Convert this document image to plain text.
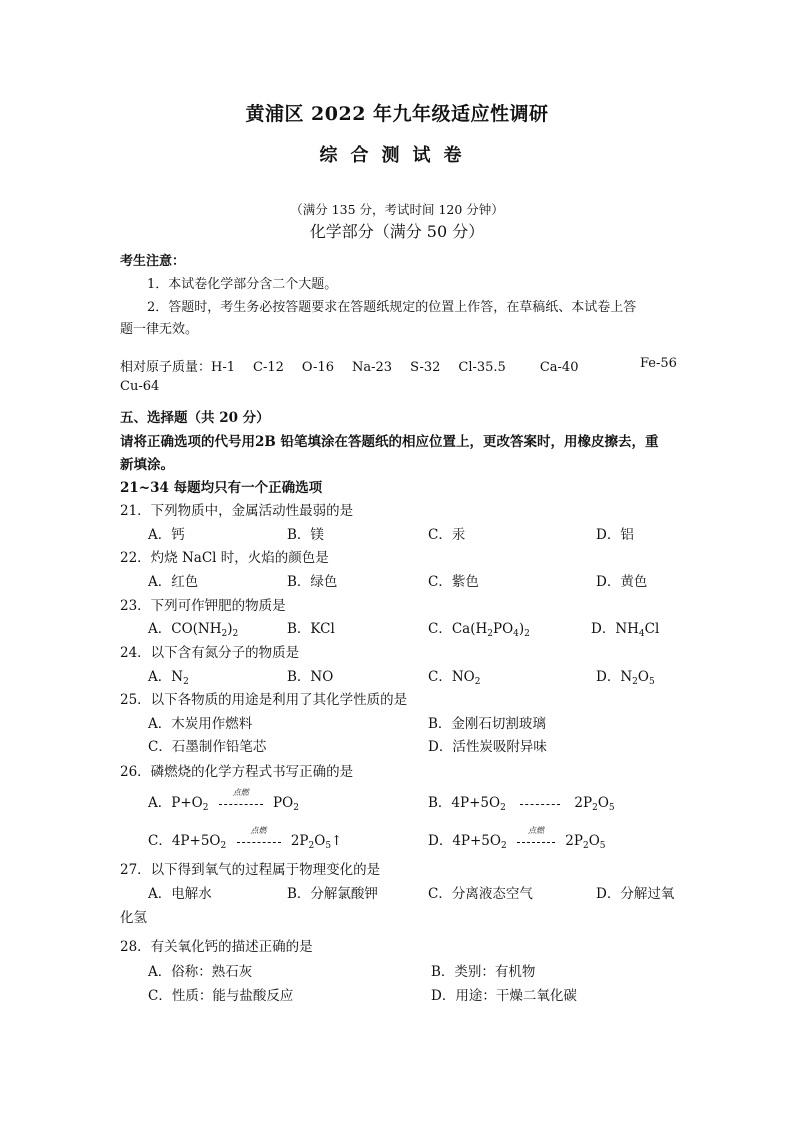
黄浦区 2022 年九年级适应性调研
综合测试卷
（满分 135 分，考试时间 120 分钟）
化学部分（满分 50 分）
考生注意：
1．本试卷化学部分含二个大题。
2．答题时，考生务必按答题要求在答题纸规定的位置上作答，在草稿纸、本试卷上答
题一律无效。
相对原子质量：H-1 C-12 O-16 Na-23 S-32 Cl-35.5	Ca-40	Fe-56
Cu-64
五、选择题（共 20 分）
请将正确选项的代号用2B 铅笔填涂在答题纸的相应位置上，更改答案时，用橡皮擦去，重
新填涂。
21~34 每题均只有一个正确选项
21．下列物质中，金属活动性最弱的是
A．钙	B．镁	C．汞	D．铝
22．灼烧 NaCl 时，火焰的颜色是
A．红色	B．绿色	C．紫色	D．黄色
23．下列可作钾肥的物质是
A．$CO(NH_2)_2$	B．KCl	C．$Ca(H_2PO_4)_2$	D．$NH_4Cl$
24．以下含有氮分子的物质是
A．$N_2$	B．NO	C．$NO_2$	D．$N_2O_5$
25．以下各物质的用途是利用了其化学性质的是
A．木炭用作燃料	B．金刚石切割玻璃
C．石墨制作铅笔芯	D．活性炭吸附异味
26．磷燃烧的化学方程式书写正确的是
A．$P+O_2$
点燃
$PO_2$	B．$4P+5O_2$	$2P_2O_5$
C．$4P+5O_2$
点燃
$2P_2O_5↑$	D．$4P+5O_2$
点燃
$2P_2O_5$
27．以下得到氧气的过程属于物理变化的是
A．电解水	B．分解氯酸钾	C．分离液态空气	D．分解过氧
化氢
28．有关氧化钙的描述正确的是
A．俗称：熟石灰	B．类别：有机物
C．性质：能与盐酸反应	D．用途：干燥二氧化碳
